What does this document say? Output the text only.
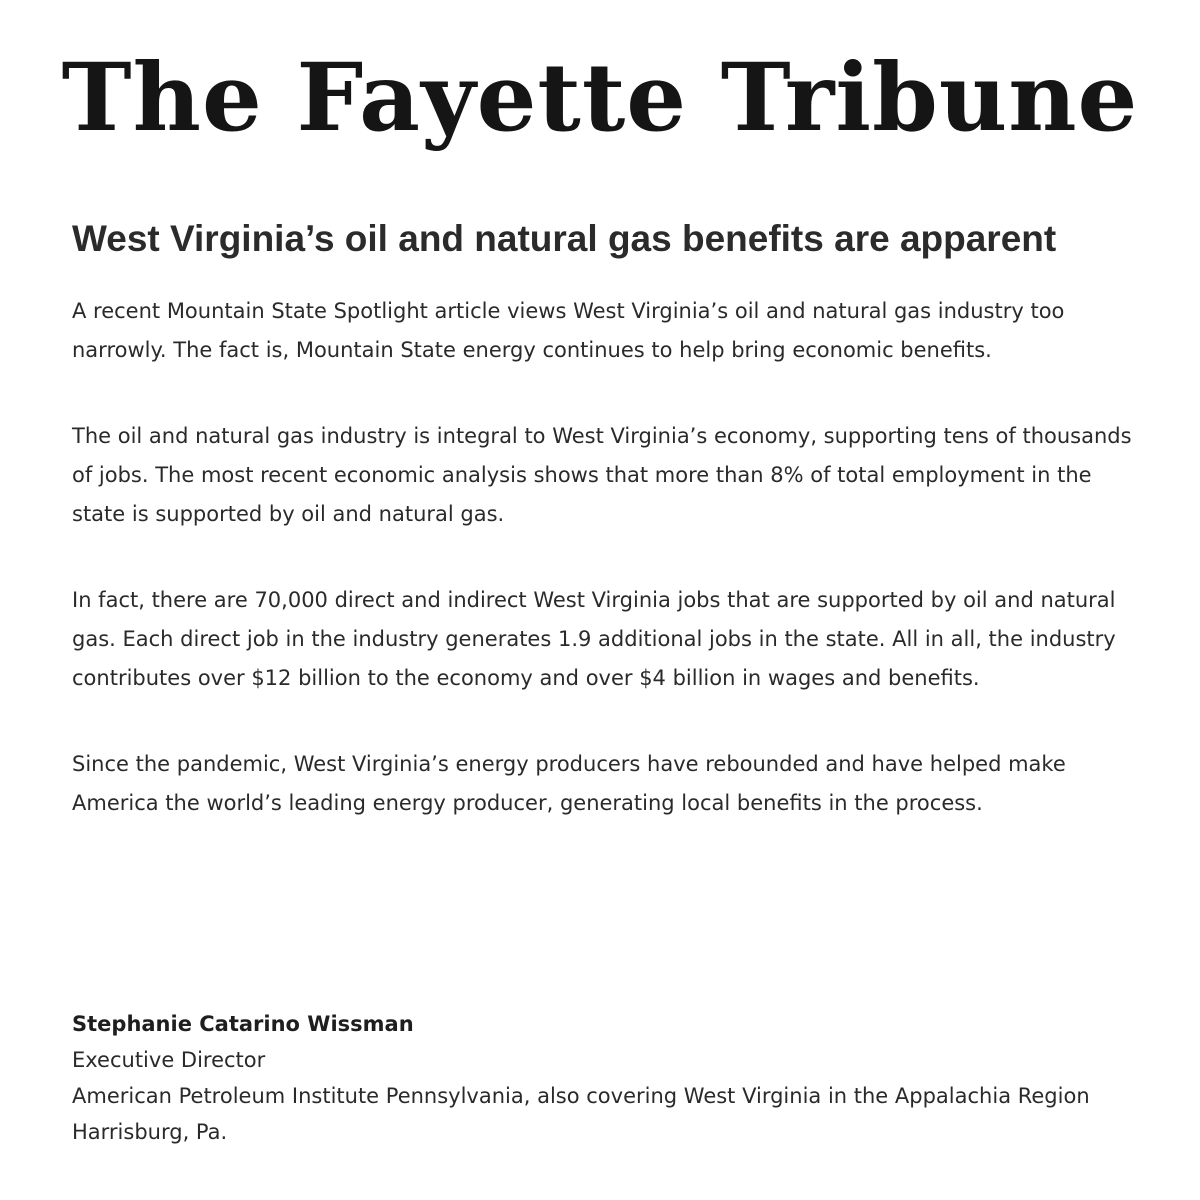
The Fayette Tribune
West Virginia’s oil and natural gas benefits are apparent

A recent Mountain State Spotlight article views West Virginia’s oil and natural gas industry too narrowly. The fact is, Mountain State energy continues to help bring economic benefits.

The oil and natural gas industry is integral to West Virginia’s economy, supporting tens of thousands of jobs. The most recent economic analysis shows that more than 8% of total employment in the state is supported by oil and natural gas.

In fact, there are 70,000 direct and indirect West Virginia jobs that are supported by oil and natural gas. Each direct job in the industry generates 1.9 additional jobs in the state. All in all, the industry contributes over $12 billion to the economy and over $4 billion in wages and benefits.

Since the pandemic, West Virginia’s energy producers have rebounded and have helped make America the world’s leading energy producer, generating local benefits in the process.

Stephanie Catarino Wissman

Executive Director

American Petroleum Institute Pennsylvania, also covering West Virginia in the Appalachia Region

Harrisburg, Pa.
